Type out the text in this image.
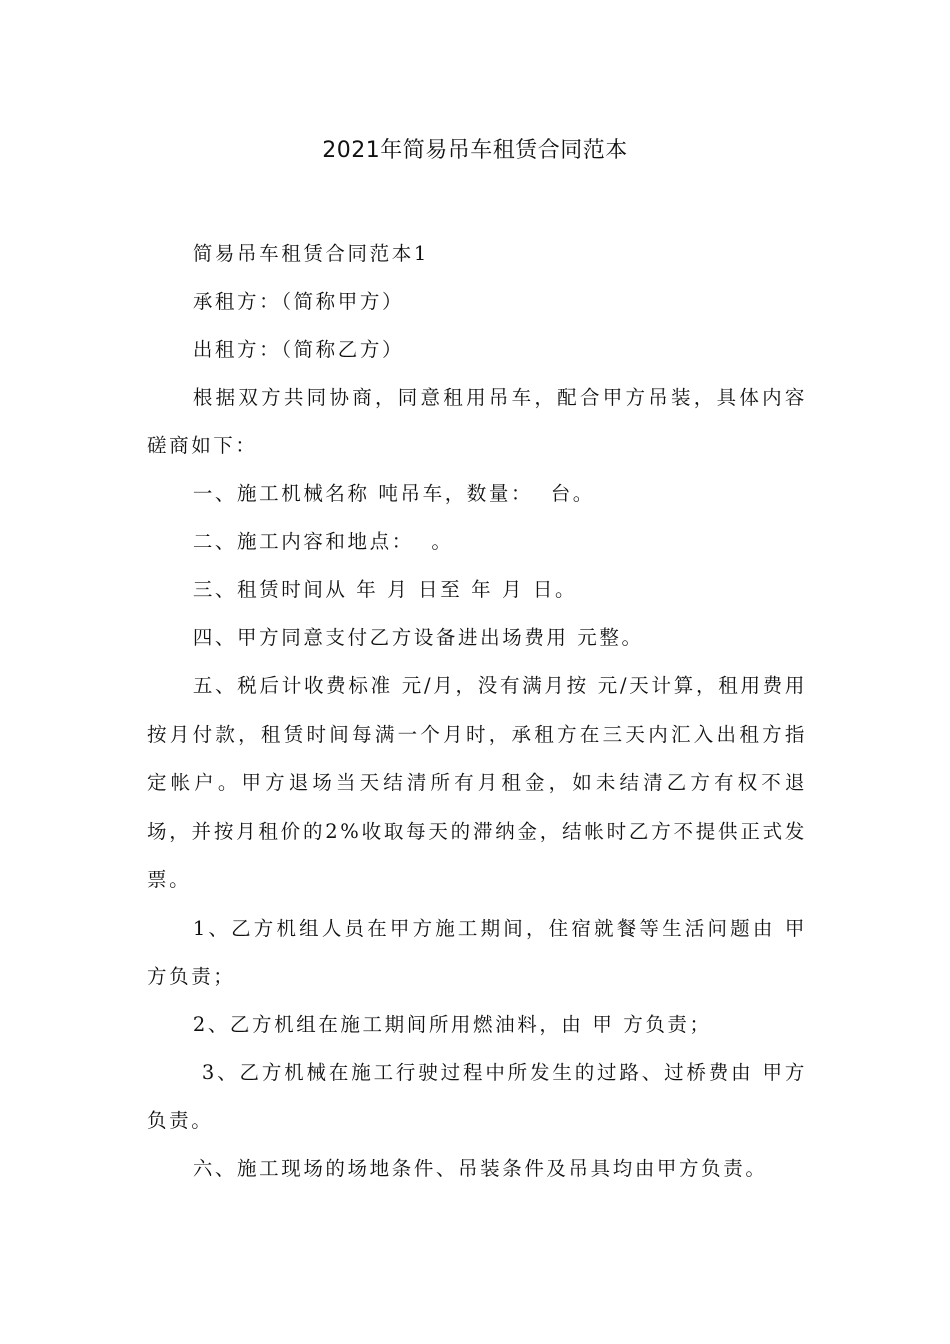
2021年简易吊车租赁合同范本

简易吊车租赁合同范本1

承租方：（简称甲方）

出租方：（简称乙方）

根据双方共同协商，同意租用吊车，配合甲方吊装，具体内容磋商如下：

一、施工机械名称 吨吊车，数量：  台。

二、施工内容和地点：  。

三、租赁时间从 年 月 日至 年 月 日。

四、甲方同意支付乙方设备进出场费用 元整。

五、税后计收费标准 元/月，没有满月按 元/天计算，租用费用按月付款，租赁时间每满一个月时，承租方在三天内汇入出租方指定帐户。甲方退场当天结清所有月租金，如未结清乙方有权不退场，并按月租价的2%收取每天的滞纳金，结帐时乙方不提供正式发票。

1、乙方机组人员在甲方施工期间，住宿就餐等生活问题由 甲方负责；

2、乙方机组在施工期间所用燃油料，由 甲 方负责；

3、乙方机械在施工行驶过程中所发生的过路、过桥费由 甲方负责。

六、施工现场的场地条件、吊装条件及吊具均由甲方负责。
